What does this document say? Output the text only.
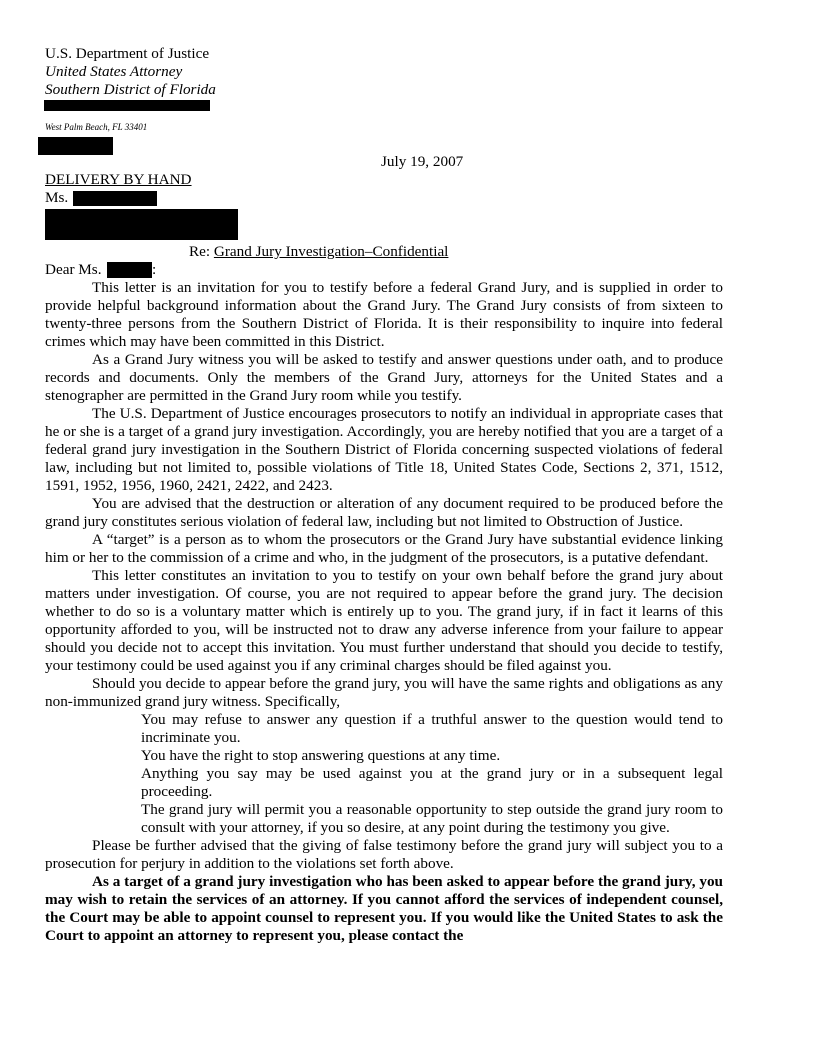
U.S. Department of Justice
United States Attorney
Southern District of Florida
West Palm Beach, FL 33401
July 19, 2007
DELIVERY BY HAND
Ms.
Re: Grand Jury Investigation–Confidential
Dear Ms.	:

This letter is an invitation for you to testify before a federal Grand Jury, and is supplied in order to provide helpful background information about the Grand Jury. The Grand Jury consists of from sixteen to twenty-three persons from the Southern District of Florida. It is their responsibility to inquire into federal crimes which may have been committed in this District.

As a Grand Jury witness you will be asked to testify and answer questions under oath, and to produce records and documents. Only the members of the Grand Jury, attorneys for the United States and a stenographer are permitted in the Grand Jury room while you testify.

The U.S. Department of Justice encourages prosecutors to notify an individual in appropriate cases that he or she is a target of a grand jury investigation. Accordingly, you are hereby notified that you are a target of a federal grand jury investigation in the Southern District of Florida concerning suspected violations of federal law, including but not limited to, possible violations of Title 18, United States Code, Sections 2, 371, 1512, 1591, 1952, 1956, 1960, 2421, 2422, and 2423.

You are advised that the destruction or alteration of any document required to be produced before the grand jury constitutes serious violation of federal law, including but not limited to Obstruction of Justice.

A “target” is a person as to whom the prosecutors or the Grand Jury have substantial evidence linking him or her to the commission of a crime and who, in the judgment of the prosecutors, is a putative defendant.

This letter constitutes an invitation to you to testify on your own behalf before the grand jury about matters under investigation. Of course, you are not required to appear before the grand jury. The decision whether to do so is a voluntary matter which is entirely up to you. The grand jury, if in fact it learns of this opportunity afforded to you, will be instructed not to draw any adverse inference from your failure to appear should you decide not to accept this invitation. You must further understand that should you decide to testify, your testimony could be used against you if any criminal charges should be filed against you.

Should you decide to appear before the grand jury, you will have the same rights and obligations as any non-immunized grand jury witness. Specifically,

You may refuse to answer any question if a truthful answer to the question would tend to incriminate you.

You have the right to stop answering questions at any time.

Anything you say may be used against you at the grand jury or in a subsequent legal proceeding.

The grand jury will permit you a reasonable opportunity to step outside the grand jury room to consult with your attorney, if you so desire, at any point during the testimony you give.

Please be further advised that the giving of false testimony before the grand jury will subject you to a prosecution for perjury in addition to the violations set forth above.

As a target of a grand jury investigation who has been asked to appear before the grand jury, you may wish to retain the services of an attorney. If you cannot afford the services of independent counsel, the Court may be able to appoint counsel to represent you. If you would like the United States to ask the Court to appoint an attorney to represent you, please contact the
